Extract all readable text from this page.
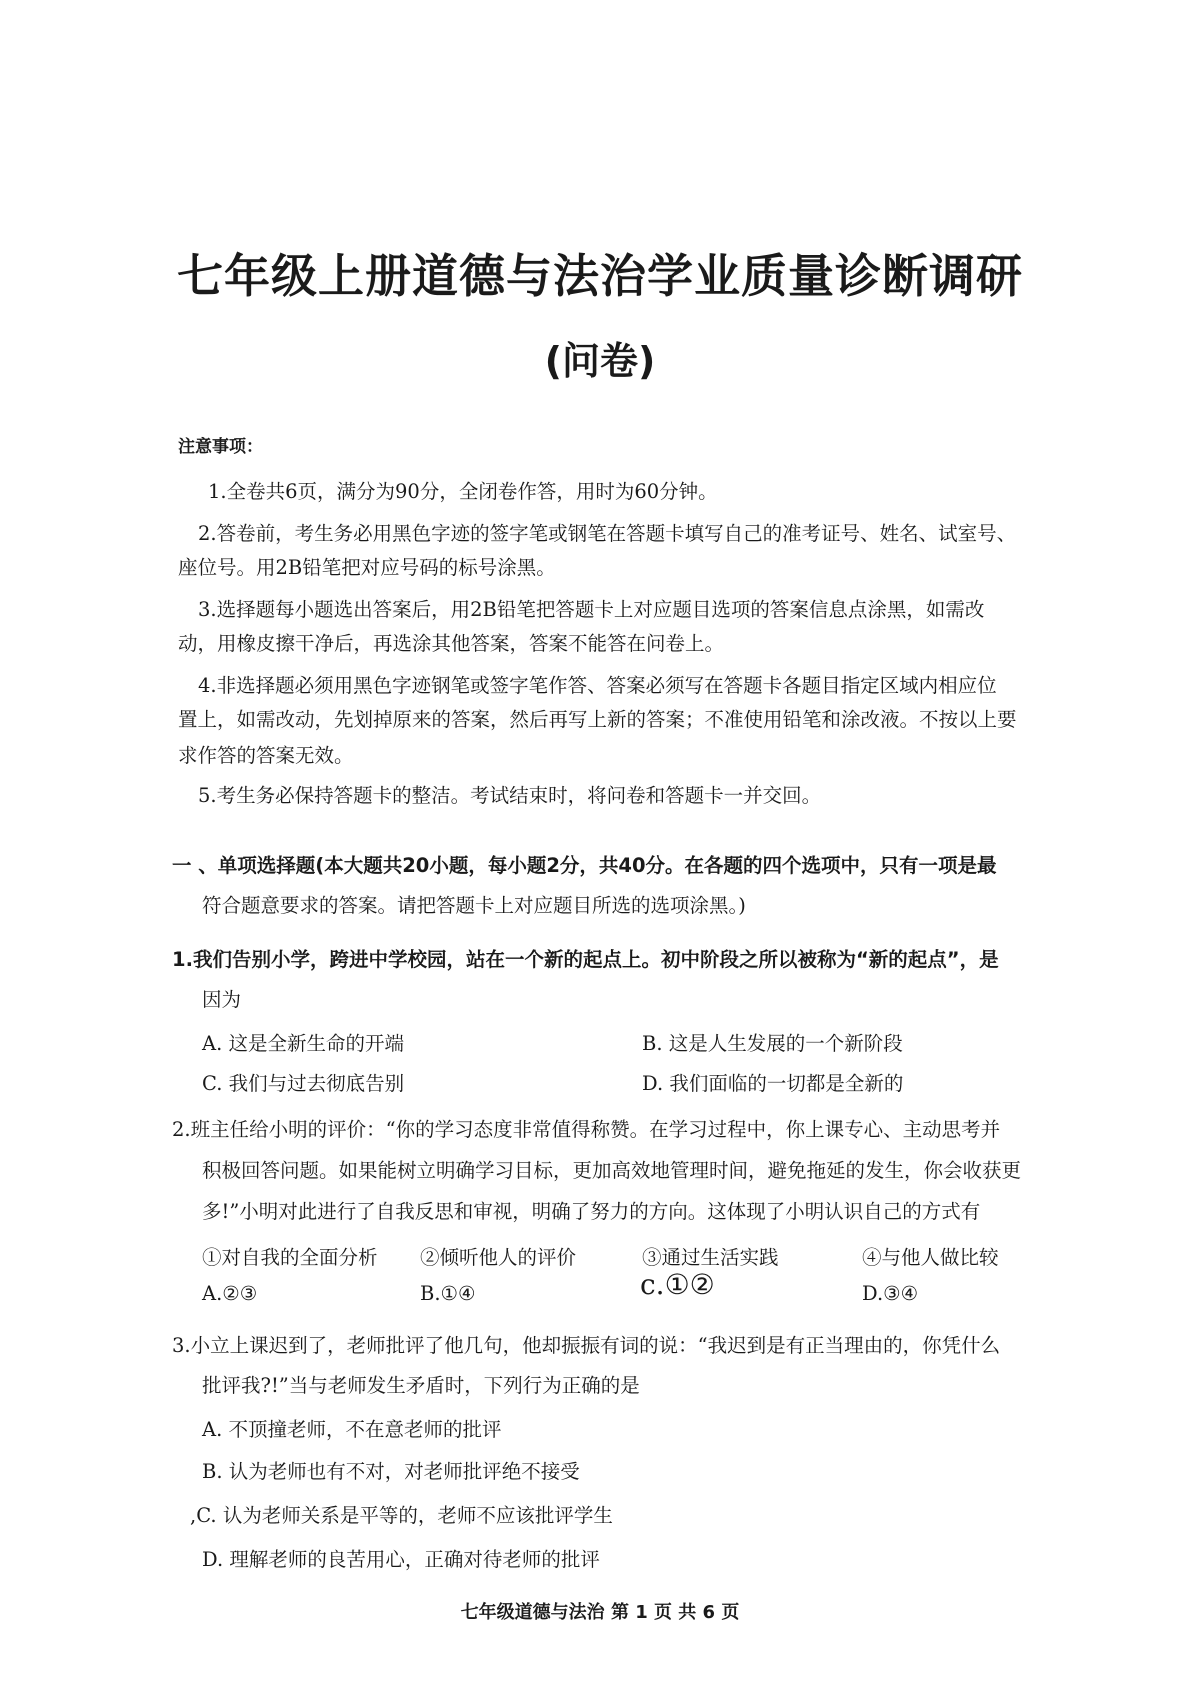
七年级上册道德与法治学业质量诊断调研
(问卷)
注意事项：
1.全卷共6页，满分为90分，全闭卷作答，用时为60分钟。
2.答卷前，考生务必用黑色字迹的签字笔或钢笔在答题卡填写自己的准考证号、姓名、试室号、
座位号。用2B铅笔把对应号码的标号涂黑。
3.选择题每小题选出答案后，用2B铅笔把答题卡上对应题目选项的答案信息点涂黑，如需改
动，用橡皮擦干净后，再选涂其他答案，答案不能答在问卷上。
4.非选择题必须用黑色字迹钢笔或签字笔作答、答案必须写在答题卡各题目指定区域内相应位
置上，如需改动，先划掉原来的答案，然后再写上新的答案；不准使用铅笔和涂改液。不按以上要
求作答的答案无效。
5.考生务必保持答题卡的整洁。考试结束时，将问卷和答题卡一并交回。
一 、单项选择题(本大题共20小题，每小题2分，共40分。在各题的四个选项中，只有一项是最
符合题意要求的答案。请把答题卡上对应题目所选的选项涂黑。)
1.我们告别小学，跨进中学校园，站在一个新的起点上。初中阶段之所以被称为“新的起点”，是
因为
A. 这是全新生命的开端	B. 这是人生发展的一个新阶段
C. 我们与过去彻底告别	D. 我们面临的一切都是全新的
2.班主任给小明的评价：“你的学习态度非常值得称赞。在学习过程中，你上课专心、主动思考并
积极回答问题。如果能树立明确学习目标，更加高效地管理时间，避免拖延的发生，你会收获更
多!”小明对此进行了自我反思和审视，明确了努力的方向。这体现了小明认识自己的方式有
①对自我的全面分析 ②倾听他人的评价	③通过生活实践	④与他人做比较
A.②③	B.①④	c.①②	D.③④
3.小立上课迟到了，老师批评了他几句，他却振振有词的说：“我迟到是有正当理由的，你凭什么
批评我?!”当与老师发生矛盾时，下列行为正确的是
A. 不顶撞老师，不在意老师的批评
B. 认为老师也有不对，对老师批评绝不接受
,C. 认为老师关系是平等的，老师不应该批评学生
D. 理解老师的良苦用心，正确对待老师的批评
七年级道德与法治 第 1 页 共 6 页
